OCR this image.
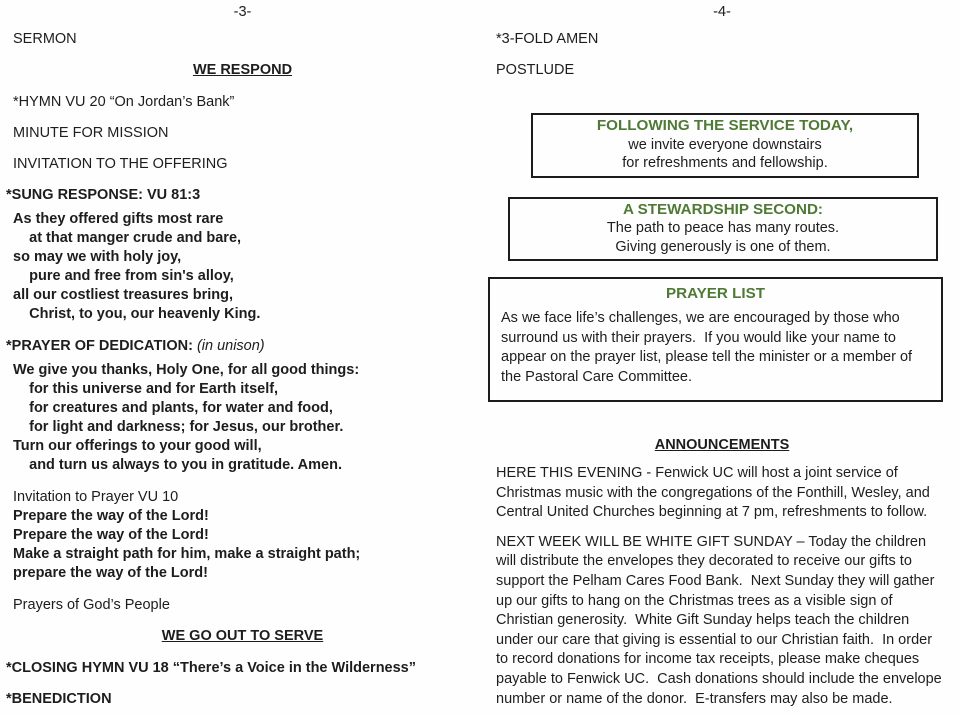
-3-
SERMON
WE RESPOND
*HYMN VU 20 “On Jordan’s Bank”
MINUTE FOR MISSION
INVITATION TO THE OFFERING
*SUNG RESPONSE: VU 81:3
As they offered gifts most rare
at that manger crude and bare,
so may we with holy joy,
pure and free from sin's alloy,
all our costliest treasures bring,
Christ, to you, our heavenly King.
*PRAYER OF DEDICATION: (in unison)
We give you thanks, Holy One, for all good things:
for this universe and for Earth itself,
for creatures and plants, for water and food,
for light and darkness; for Jesus, our brother.
Turn our offerings to your good will,
and turn us always to you in gratitude. Amen.
Invitation to Prayer VU 10
Prepare the way of the Lord!
Prepare the way of the Lord!
Make a straight path for him, make a straight path;
prepare the way of the Lord!
Prayers of God’s People
WE GO OUT TO SERVE
*CLOSING HYMN VU 18 “There’s a Voice in the Wilderness”
*BENEDICTION
-4-
*3-FOLD AMEN
POSTLUDE
FOLLOWING THE SERVICE TODAY,
we invite everyone downstairs
for refreshments and fellowship.
A STEWARDSHIP SECOND:
The path to peace has many routes.
Giving generously is one of them.
PRAYER LIST
As we face life’s challenges, we are encouraged by those who surround us with their prayers.  If you would like your name to appear on the prayer list, please tell the minister or a member of the Pastoral Care Committee.
ANNOUNCEMENTS
HERE THIS EVENING - Fenwick UC will host a joint service of Christmas music with the congregations of the Fonthill, Wesley, and Central United Churches beginning at 7 pm, refreshments to follow.
NEXT WEEK WILL BE WHITE GIFT SUNDAY – Today the children will distribute the envelopes they decorated to receive our gifts to support the Pelham Cares Food Bank.  Next Sunday they will gather up our gifts to hang on the Christmas trees as a visible sign of Christian generosity.  White Gift Sunday helps teach the children under our care that giving is essential to our Christian faith.  In order to record donations for income tax receipts, please make cheques payable to Fenwick UC.  Cash donations should include the envelope number or name of the donor.  E-transfers may also be made.
